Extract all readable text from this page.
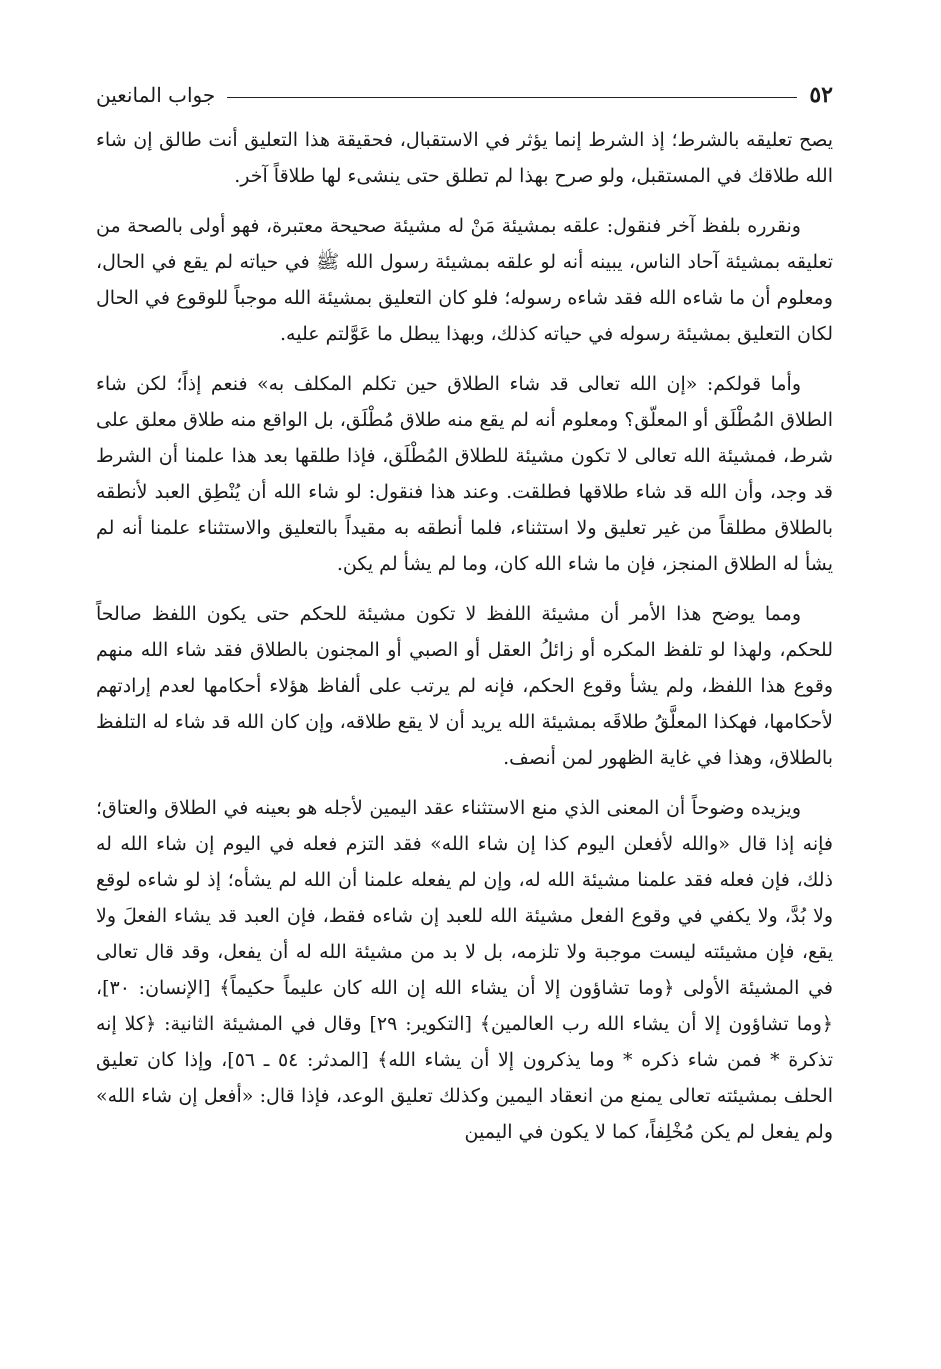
٥٢
جواب المانعين

يصح تعليقه بالشرط؛ إذ الشرط إنما يؤثر في الاستقبال، فحقيقة هذا التعليق أنت طالق إن شاء الله طلاقك في المستقبل، ولو صرح بهذا لم تطلق حتى ينشىء لها طلاقاً آخر.

ونقرره بلفظ آخر فنقول: علقه بمشيئة مَنْ له مشيئة صحيحة معتبرة، فهو أولى بالصحة من تعليقه بمشيئة آحاد الناس، يبينه أنه لو علقه بمشيئة رسول الله ﷺ في حياته لم يقع في الحال، ومعلوم أن ما شاءه الله فقد شاءه رسوله؛ فلو كان التعليق بمشيئة الله موجباً للوقوع في الحال لكان التعليق بمشيئة رسوله في حياته كذلك، وبهذا يبطل ما عَوَّلتم عليه.

وأما قولكم: «إن الله تعالى قد شاء الطلاق حين تكلم المكلف به» فنعم إذاً؛ لكن شاء الطلاق المُطْلَق أو المعلّق؟ ومعلوم أنه لم يقع منه طلاق مُطْلَق، بل الواقع منه طلاق معلق على شرط، فمشيئة الله تعالى لا تكون مشيئة للطلاق المُطْلَق، فإذا طلقها بعد هذا علمنا أن الشرط قد وجد، وأن الله قد شاء طلاقها فطلقت. وعند هذا فنقول: لو شاء الله أن يُنْطِق العبد لأنطقه بالطلاق مطلقاً من غير تعليق ولا استثناء، فلما أنطقه به مقيداً بالتعليق والاستثناء علمنا أنه لم يشأ له الطلاق المنجز، فإن ما شاء الله كان، وما لم يشأ لم يكن.

ومما يوضح هذا الأمر أن مشيئة اللفظ لا تكون مشيئة للحكم حتى يكون اللفظ صالحاً للحكم، ولهذا لو تلفظ المكره أو زائلُ العقل أو الصبي أو المجنون بالطلاق فقد شاء الله منهم وقوع هذا اللفظ، ولم يشأ وقوع الحكم، فإنه لم يرتب على ألفاظ هؤلاء أحكامها لعدم إرادتهم لأحكامها، فهكذا المعلَّقُ طلاقَه بمشيئة الله يريد أن لا يقع طلاقه، وإن كان الله قد شاء له التلفظ بالطلاق، وهذا في غاية الظهور لمن أنصف.

ويزيده وضوحاً أن المعنى الذي منع الاستثناء عقد اليمين لأجله هو بعينه في الطلاق والعتاق؛ فإنه إذا قال «والله لأفعلن اليوم كذا إن شاء الله» فقد التزم فعله في اليوم إن شاء الله له ذلك، فإن فعله فقد علمنا مشيئة الله له، وإن لم يفعله علمنا أن الله لم يشأه؛ إذ لو شاءه لوقع ولا بُدَّ، ولا يكفي في وقوع الفعل مشيئة الله للعبد إن شاءه فقط، فإن العبد قد يشاء الفعلَ ولا يقع، فإن مشيئته ليست موجبة ولا تلزمه، بل لا بد من مشيئة الله له أن يفعل، وقد قال تعالى في المشيئة الأولى ﴿وما تشاؤون إلا أن يشاء الله إن الله كان عليماً حكيماً﴾ [الإنسان: ٣٠]، ﴿وما تشاؤون إلا أن يشاء الله رب العالمين﴾ [التكوير: ٢٩] وقال في المشيئة الثانية: ﴿كلا إنه تذكرة * فمن شاء ذكره * وما يذكرون إلا أن يشاء الله﴾ [المدثر: ٥٤ ـ ٥٦]، وإذا كان تعليق الحلف بمشيئته تعالى يمنع من انعقاد اليمين وكذلك تعليق الوعد، فإذا قال: «أفعل إن شاء الله» ولم يفعل لم يكن مُخْلِفاً، كما لا يكون في اليمين
